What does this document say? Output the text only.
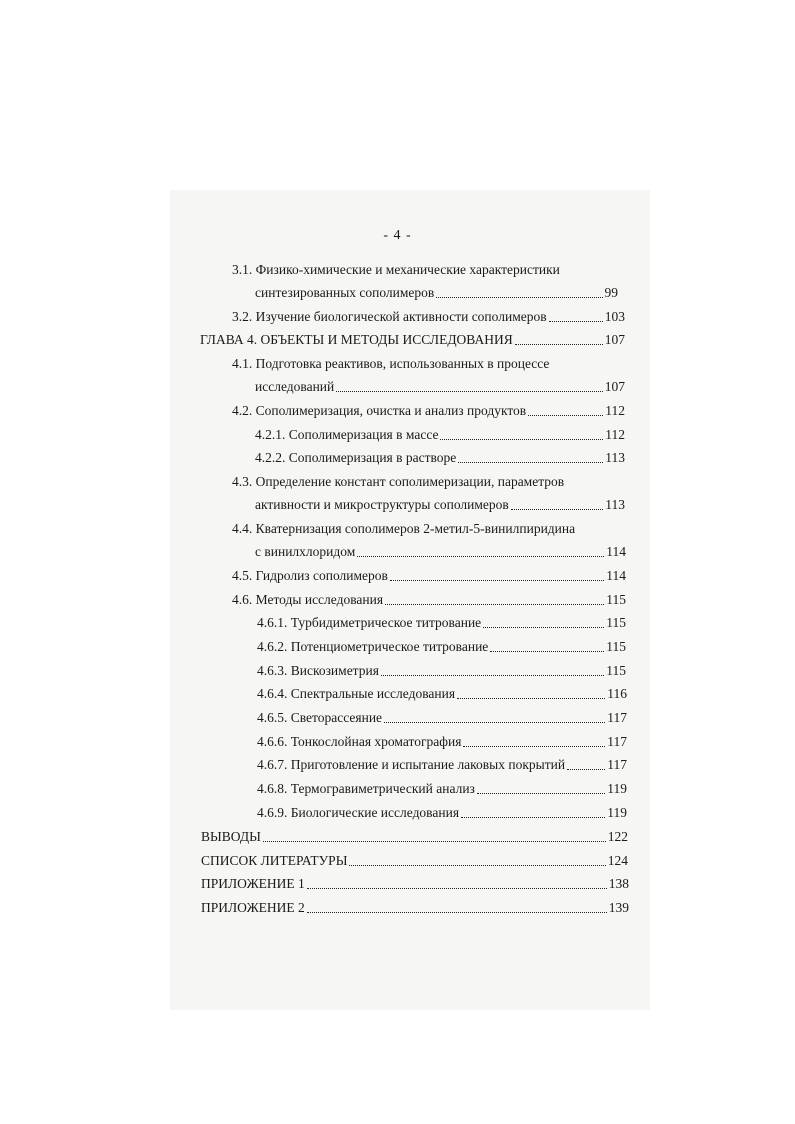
- 4 -
3.1. Физико-химические и механические характеристики
синтезированных сополимеров	99
3.2. Изучение биологической активности сополимеров	103
ГЛАВА 4. ОБЪЕКТЫ И МЕТОДЫ ИССЛЕДОВАНИЯ	107
4.1. Подготовка реактивов, использованных в процессе
исследований	107
4.2. Сополимеризация, очистка и анализ продуктов	112
4.2.1. Сополимеризация в массе	112
4.2.2. Сополимеризация в растворе	113
4.3. Определение констант сополимеризации, параметров
активности и микроструктуры сополимеров	113
4.4. Кватернизация сополимеров 2-метил-5-винилпиридина
с винилхлоридом	114
4.5. Гидролиз сополимеров	114
4.6. Методы исследования	115
4.6.1. Турбидиметрическое титрование	115
4.6.2. Потенциометрическое титрование	115
4.6.3. Вискозиметрия	115
4.6.4. Спектральные исследования	116
4.6.5. Светорассеяние	117
4.6.6. Тонкослойная хроматография	117
4.6.7. Приготовление и испытание лаковых покрытий	117
4.6.8. Термогравиметрический анализ	119
4.6.9. Биологические исследования	119
ВЫВОДЫ	122
СПИСОК ЛИТЕРАТУРЫ	124
ПРИЛОЖЕНИЕ 1	138
ПРИЛОЖЕНИЕ 2	139
